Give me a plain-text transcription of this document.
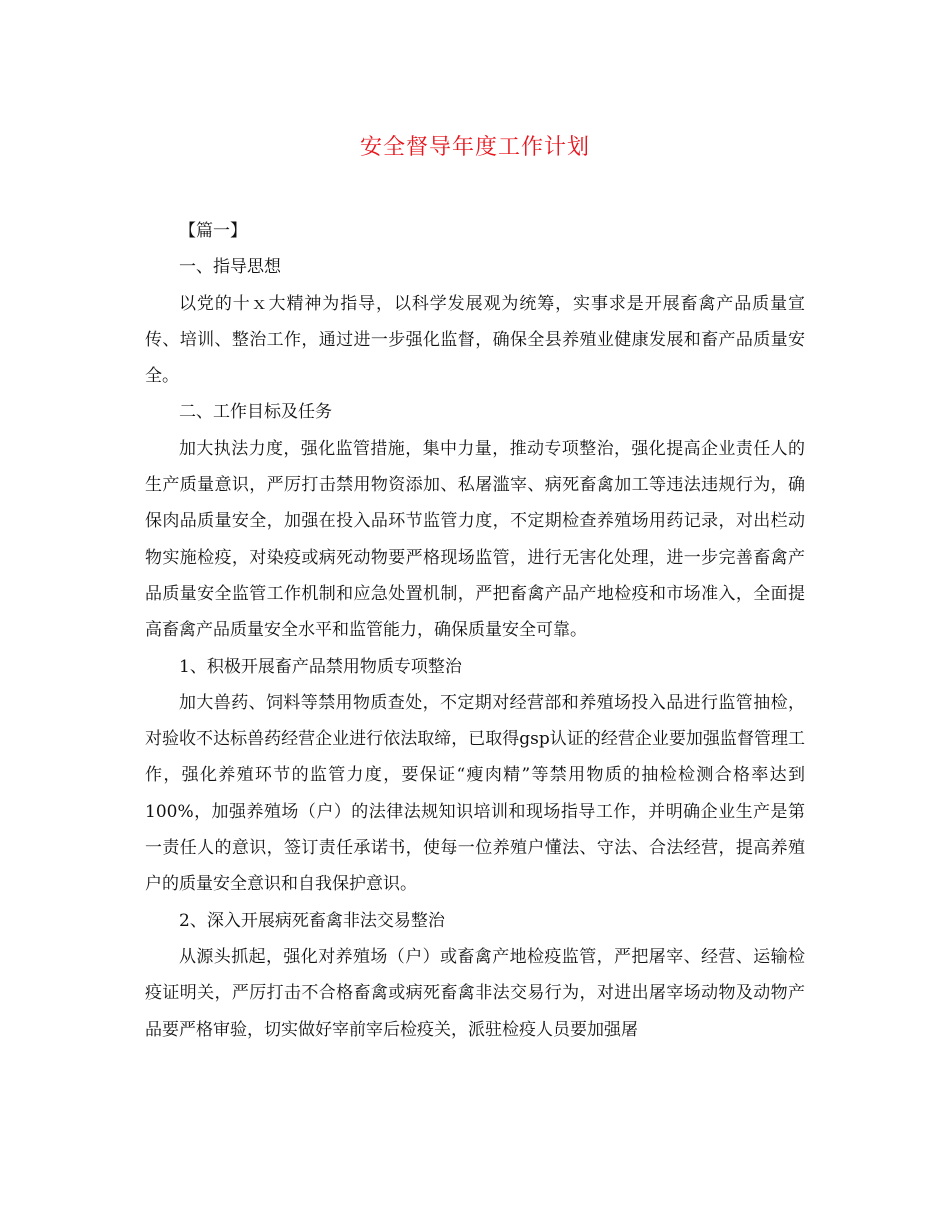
安全督导年度工作计划

【篇一】

一、指导思想

以党的十ｘ大精神为指导，以科学发展观为统筹，实事求是开展畜禽产品质量宣传、培训、整治工作，通过进一步强化监督，确保全县养殖业健康发展和畜产品质量安全。

二、工作目标及任务

加大执法力度，强化监管措施，集中力量，推动专项整治，强化提高企业责任人的生产质量意识，严厉打击禁用物资添加、私屠滥宰、病死畜禽加工等违法违规行为，确保肉品质量安全，加强在投入品环节监管力度，不定期检查养殖场用药记录，对出栏动物实施检疫，对染疫或病死动物要严格现场监管，进行无害化处理，进一步完善畜禽产品质量安全监管工作机制和应急处置机制，严把畜禽产品产地检疫和市场准入，全面提高畜禽产品质量安全水平和监管能力，确保质量安全可靠。

1、积极开展畜产品禁用物质专项整治

加大兽药、饲料等禁用物质查处，不定期对经营部和养殖场投入品进行监管抽检，对验收不达标兽药经营企业进行依法取缔，已取得gsp认证的经营企业要加强监督管理工作，强化养殖环节的监管力度，要保证“瘦肉精”等禁用物质的抽检检测合格率达到100%，加强养殖场（户）的法律法规知识培训和现场指导工作，并明确企业生产是第一责任人的意识，签订责任承诺书，使每一位养殖户懂法、守法、合法经营，提高养殖户的质量安全意识和自我保护意识。

2、深入开展病死畜禽非法交易整治

从源头抓起，强化对养殖场（户）或畜禽产地检疫监管，严把屠宰、经营、运输检疫证明关，严厉打击不合格畜禽或病死畜禽非法交易行为，对进出屠宰场动物及动物产品要严格审验，切实做好宰前宰后检疫关，派驻检疫人员要加强屠
